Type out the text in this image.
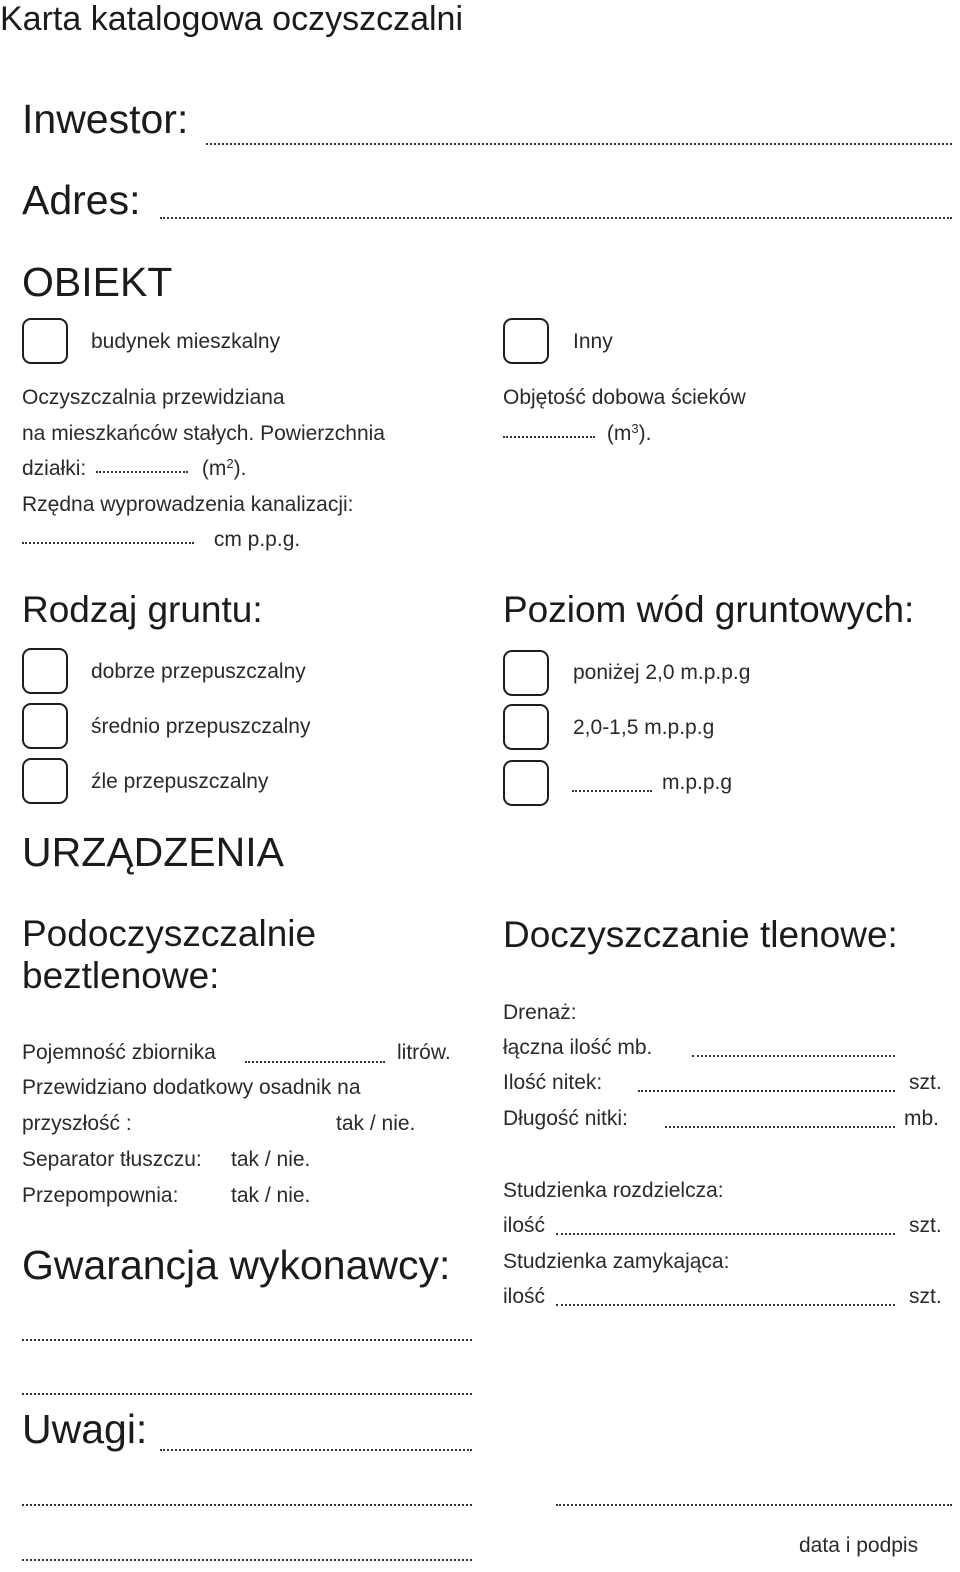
Karta katalogowa oczyszczalni
Inwestor:
Adres:
OBIEKT
budynek mieszkalny	Inny
Oczyszczalnia przewidziana
na mieszkańców stałych. Powierzchnia
działki:	$(m^2)$.
Rzędna wyprowadzenia kanalizacji:
cm p.p.g.
Objętość dobowa ścieków
$(m^3)$.
Rodzaj gruntu:
dobrze przepuszczalny
średnio przepuszczalny
źle przepuszczalny
Poziom wód gruntowych:
poniżej 2,0 m.p.p.g
2,0-1,5 m.p.p.g
m.p.p.g
URZĄDZENIA
Podoczyszczalnie
beztlenowe:
Pojemność zbiornika	litrów.
Przewidziano dodatkowy osadnik na
przyszłość :	tak / nie.
Separator tłuszczu: tak / nie.
Przepompownia:	tak / nie.
Doczyszczanie tlenowe:
Drenaż:
łączna ilość mb.
Ilość nitek:	szt.
Długość nitki:	mb.
Studzienka rozdzielcza:
ilość	szt.
Studzienka zamykająca:
ilość	szt.
Gwarancja wykonawcy:
Uwagi:
data i podpis
